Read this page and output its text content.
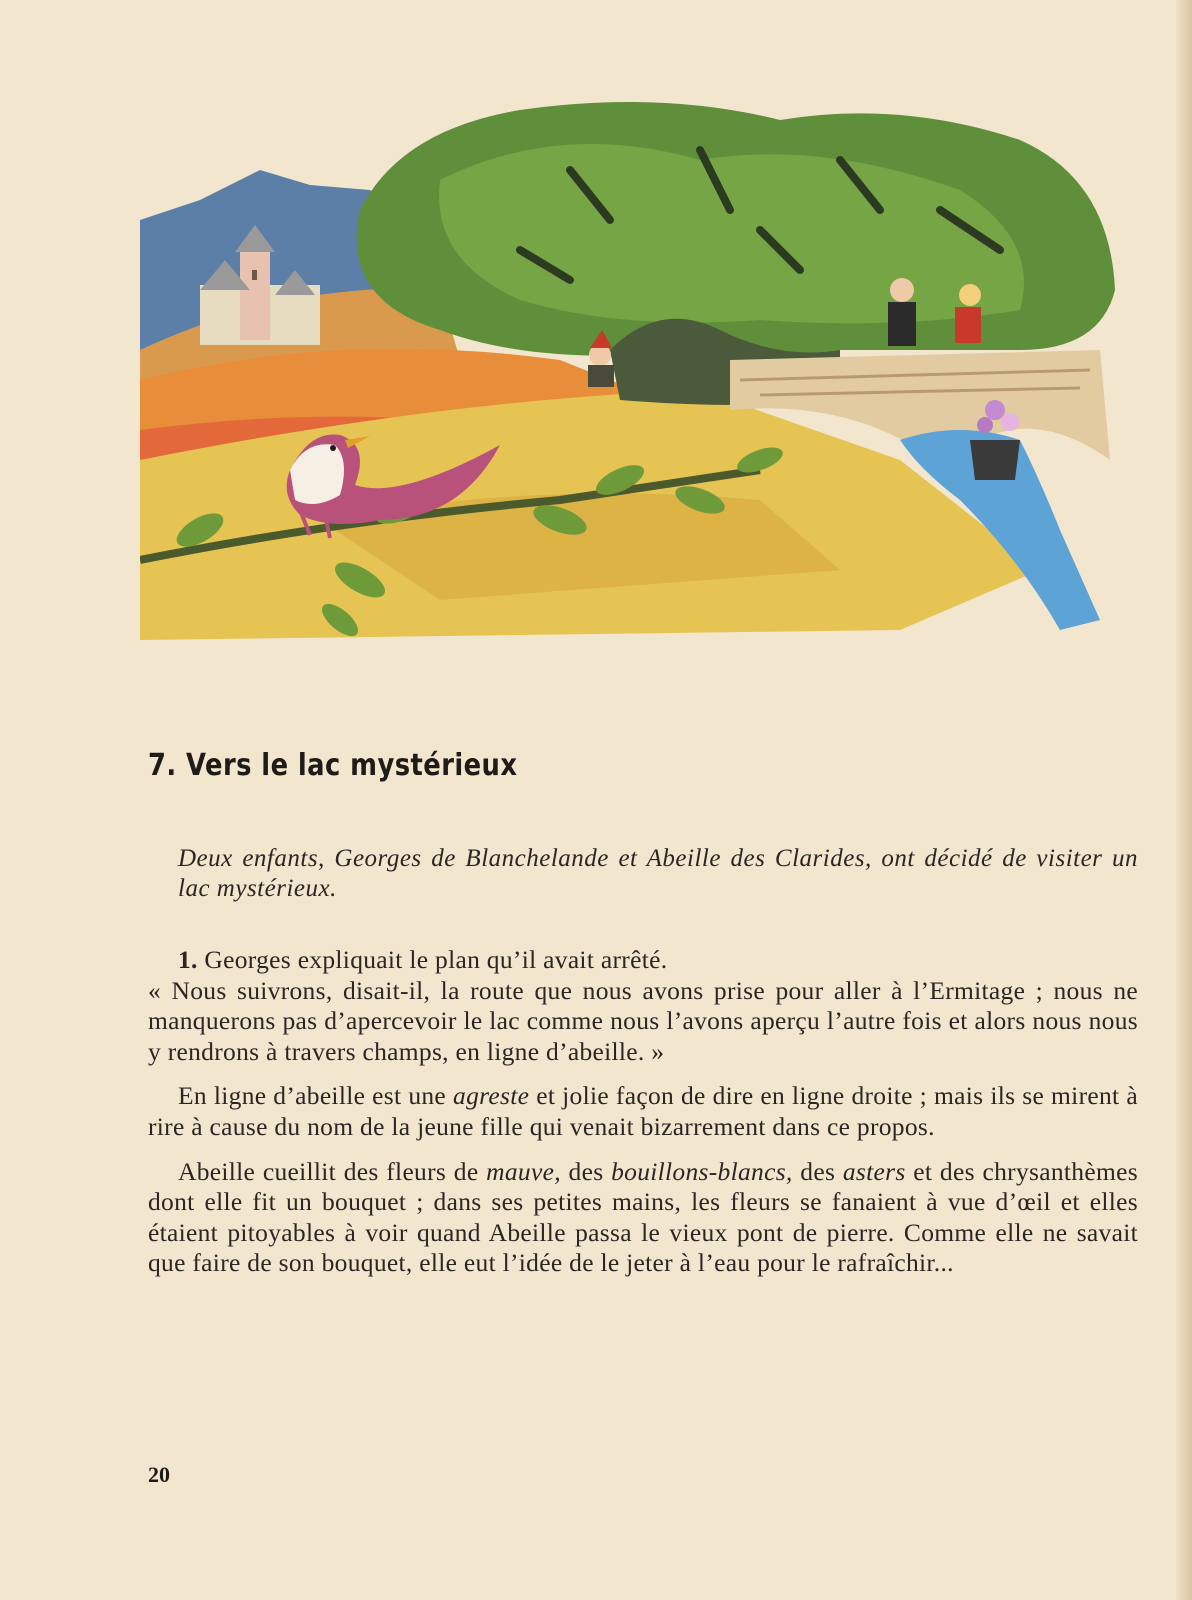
7. Vers le lac mystérieux
Deux enfants, Georges de Blanchelande et Abeille des Clarides, ont décidé de visiter un lac mystérieux.

1. Georges expliquait le plan qu’il avait arrêté.
« Nous suivrons, disait-il, la route que nous avons prise pour aller à l’Ermitage ; nous ne manquerons pas d’apercevoir le lac comme nous l’avons aperçu l’autre fois et alors nous nous y rendrons à travers champs, en ligne d’abeille. »

En ligne d’abeille est une agreste et jolie façon de dire en ligne droite ; mais ils se mirent à rire à cause du nom de la jeune fille qui venait bizarrement dans ce propos.

Abeille cueillit des fleurs de mauve, des bouillons-blancs, des asters et des chrysanthèmes dont elle fit un bouquet ; dans ses petites mains, les fleurs se fanaient à vue d’œil et elles étaient pitoyables à voir quand Abeille passa le vieux pont de pierre. Comme elle ne savait que faire de son bouquet, elle eut l’idée de le jeter à l’eau pour le rafraîchir...

20
